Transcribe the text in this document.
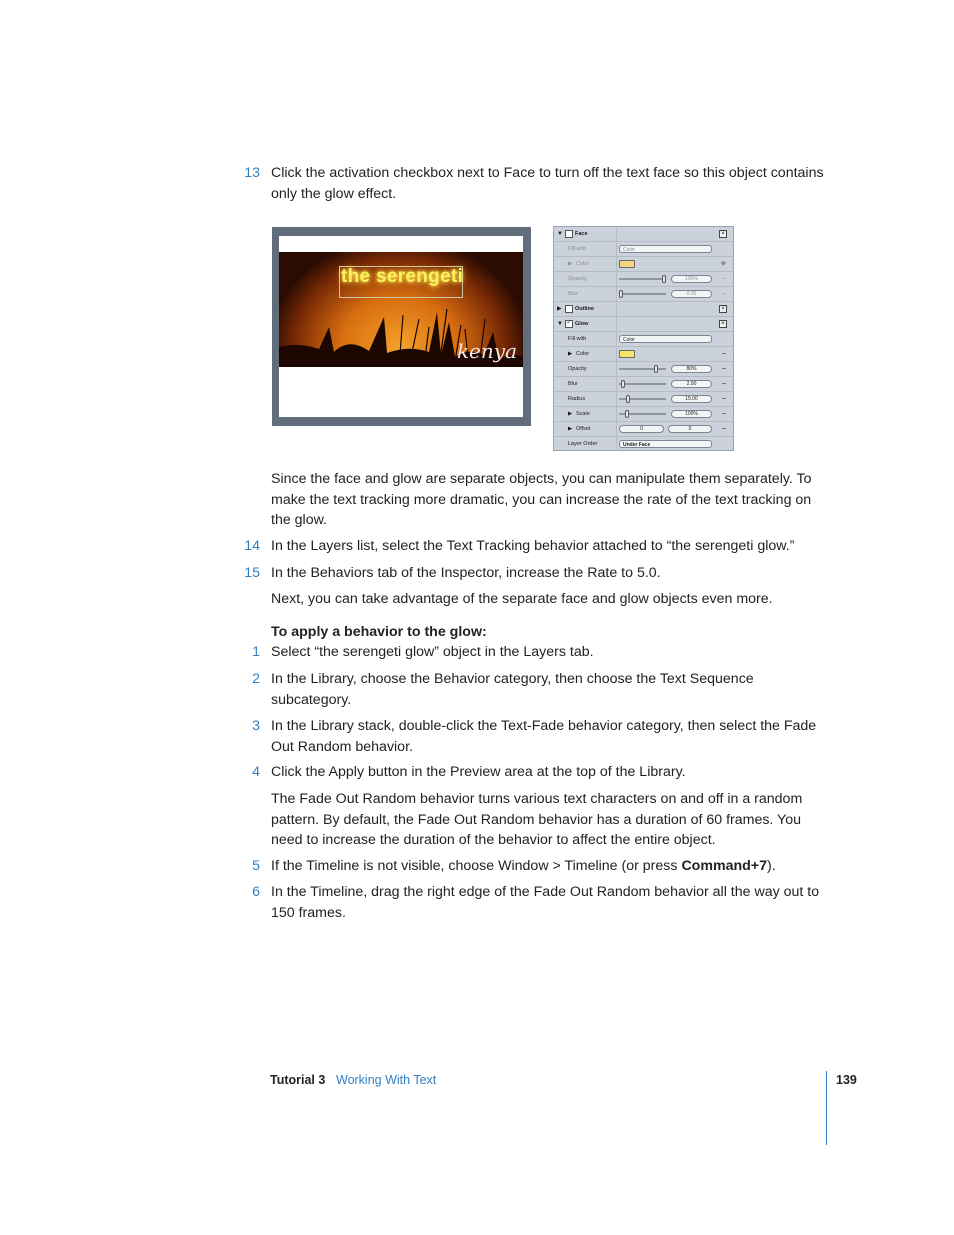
13 Click the activation checkbox next to Face to turn off the text face so this object contains only the glow effect.

the serengeti
kenya
▼ Face	×
Fill with	Color
▶ Color	◆
Opacity	100%	–
Blur	0.00	–
▶ Outline	×
▼ ✓ Glow	×
Fill with	Color
▶ Color	–
Opacity	80%	–
Blur	2.00	–
Radius	15.00	–
▶ Scale	100%	–
▶ Offset	0	0	–
Layer Order	Under Face

Since the face and glow are separate objects, you can manipulate them separately. To make the text tracking more dramatic, you can increase the rate of the text tracking on the glow.

14 In the Layers list, select the Text Tracking behavior attached to “the serengeti glow.”

15 In the Behaviors tab of the Inspector, increase the Rate to 5.0.

Next, you can take advantage of the separate face and glow objects even more.

To apply a behavior to the glow:

1 Select “the serengeti glow” object in the Layers tab.

2 In the Library, choose the Behavior category, then choose the Text Sequence subcategory.

3 In the Library stack, double-click the Text-Fade behavior category, then select the Fade Out Random behavior.

4 Click the Apply button in the Preview area at the top of the Library.

The Fade Out Random behavior turns various text characters on and off in a random pattern. By default, the Fade Out Random behavior has a duration of 60 frames. You need to increase the duration of the behavior to affect the entire object.

5 If the Timeline is not visible, choose Window > Timeline (or press Command+7).

6 In the Timeline, drag the right edge of the Fade Out Random behavior all the way out to 150 frames.

Tutorial 3 Working With Text	139
